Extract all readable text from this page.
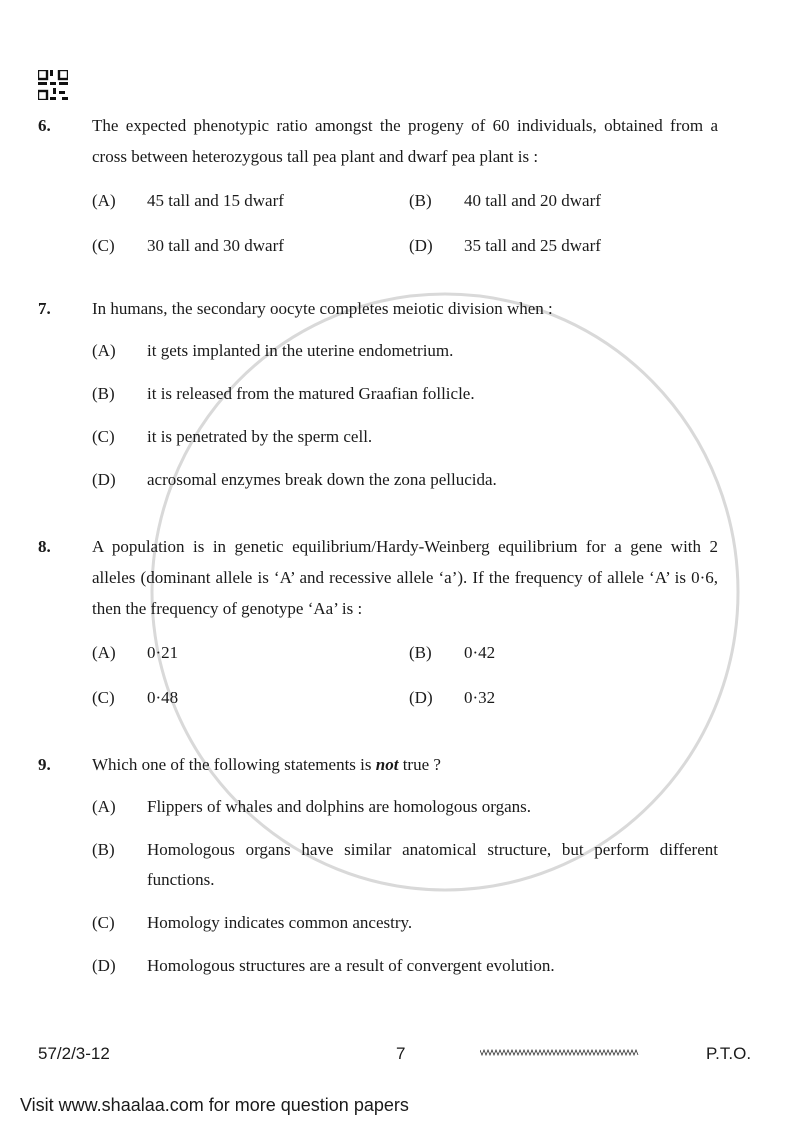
6.	The expected phenotypic ratio amongst the progeny of 60 individuals, obtained from a cross between heterozygous tall pea plant and dwarf pea plant is :

(A)	45 tall and 15 dwarf	(B)	40 tall and 20 dwarf
(C)	30 tall and 30 dwarf	(D)	35 tall and 25 dwarf
7.	In humans, the secondary oocyte completes meiotic division when :

(A)	it gets implanted in the uterine endometrium.
(B)	it is released from the matured Graafian follicle.
(C)	it is penetrated by the sperm cell.
(D)	acrosomal enzymes break down the zona pellucida.
8.	A population is in genetic equilibrium/Hardy-Weinberg equilibrium for a gene with 2 alleles (dominant allele is ‘A’ and recessive allele ‘a’). If the frequency of allele ‘A’ is 0·6, then the frequency of genotype ‘Aa’ is :

(A)	0·21	(B)	0·42
(C)	0·48	(D)	0·32
9.	Which one of the following statements is not true ?

(A)	Flippers of whales and dolphins are homologous organs.
(B)	Homologous organs have similar anatomical structure, but perform different functions.
(C)	Homology indicates common ancestry.
(D)	Homologous structures are a result of convergent evolution.
57/2/3-12	7	P.T.O.
Visit www.shaalaa.com for more question papers
